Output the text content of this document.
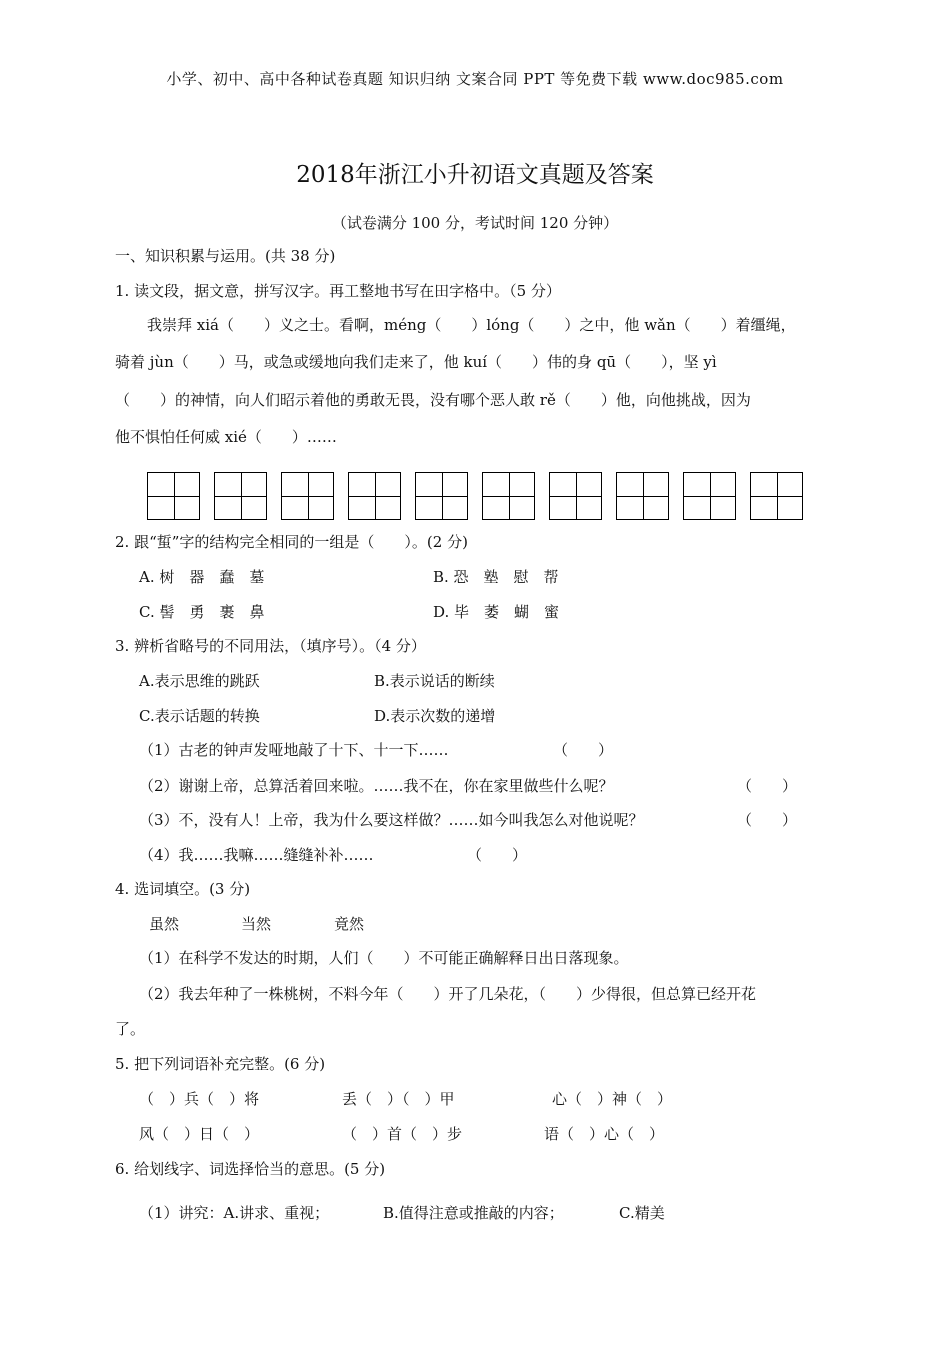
小学、初中、高中各种试卷真题 知识归纳 文案合同 PPT 等免费下载 www.doc985.com
2018年浙江小升初语文真题及答案
（试卷满分 100 分，考试时间 120 分钟）
一、知识积累与运用。(共 38 分)
1. 读文段，据文意，拼写汉字。再工整地书写在田字格中。（5 分）
我崇拜 xiá（　　）义之士。看啊，méng（　　）lóng（　　）之中，他 wǎn（　　）着缰绳，
骑着 jùn（　　）马，或急或缓地向我们走来了，他 kuí（　　）伟的身 qū（　　），坚 yì
（　　）的神情，向人们昭示着他的勇敢无畏，没有哪个恶人敢 rě（　　）他，向他挑战，因为
他不惧怕任何威 xié（　　）……
2. 跟“蜇”字的结构完全相同的一组是（　　）。(2 分)
A. 树　器　蠢　墓	B. 恐　塾　慰　帮
C. 髻　勇　裹　鼻	D. 毕　萎　蝴　蜜
3. 辨析省略号的不同用法，（填序号）。（4 分）
A.表示思维的跳跃	B.表示说话的断续
C.表示话题的转换	D.表示次数的递增
（1）古老的钟声发哑地敲了十下、十一下……	（　　）
（2）谢谢上帝，总算活着回来啦。……我不在，你在家里做些什么呢？	（　　）
（3）不，没有人！上帝，我为什么要这样做？……如今叫我怎么对他说呢？	（　　）
（4）我……我嘛……缝缝补补……	（　　）
4. 选词填空。(3 分)
虽然	当然	竟然
（1）在科学不发达的时期，人们（　　）不可能正确解释日出日落现象。
（2）我去年种了一株桃树，不料今年（　　）开了几朵花，（　　）少得很，但总算已经开花
了。
5. 把下列词语补充完整。(6 分)
（　）兵（　）将	丢（　）（　）甲	心（　）神（　）
风（　）日（　）	（　）首（　）步	语（　）心（　）
6. 给划线字、词选择恰当的意思。(5 分)
（1）讲究：A.讲求、重视；	B.值得注意或推敲的内容；	C.精美
